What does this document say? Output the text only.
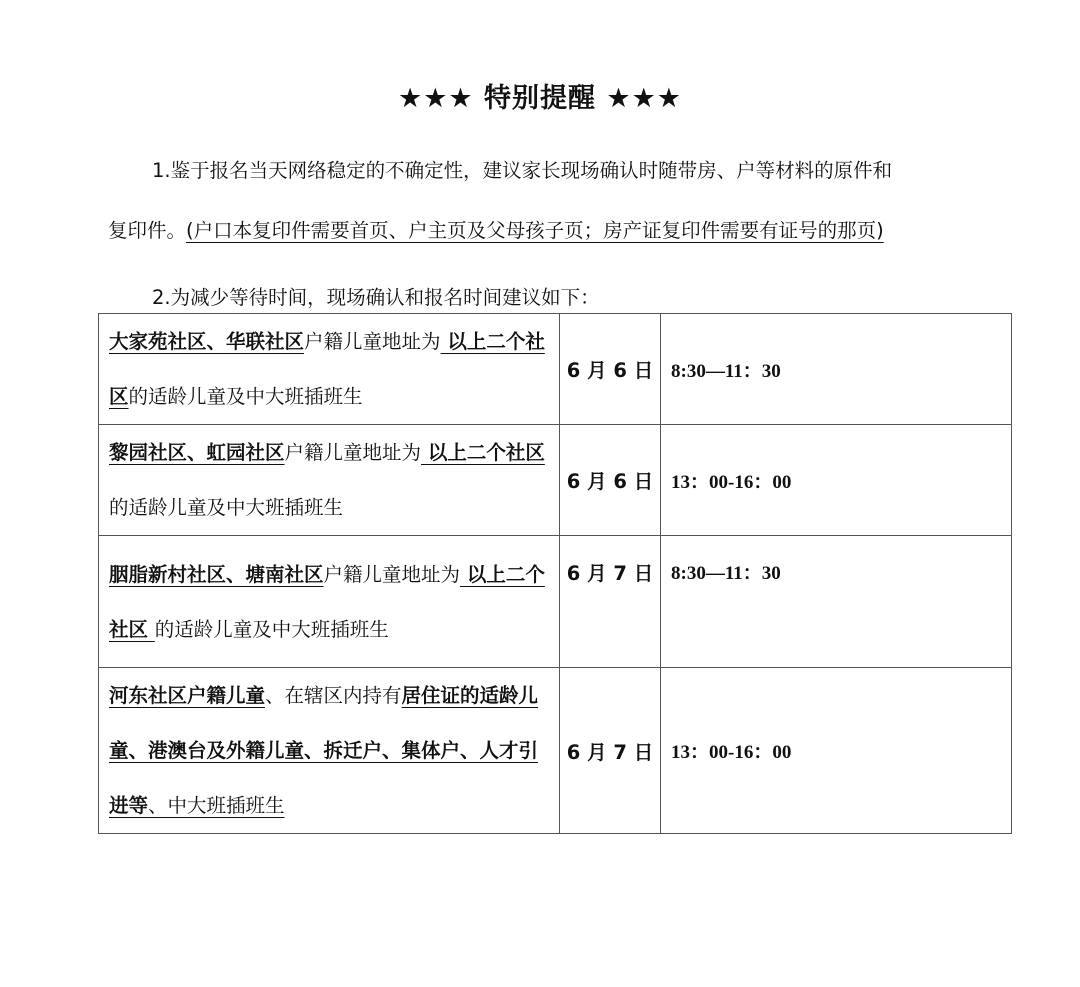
★★★ 特别提醒 ★★★
1.鉴于报名当天网络稳定的不确定性，建议家长现场确认时随带房、户等材料的原件和
复印件。(户口本复印件需要首页、户主页及父母孩子页；房产证复印件需要有证号的那页)
2.为减少等待时间，现场确认和报名时间建议如下：
大家苑社区、华联社区户籍儿童地址为 以上二个社区的适龄儿童及中大班插班生	6 月 6 日	8:30—11：30
黎园社区、虹园社区户籍儿童地址为 以上二个社区 的适龄儿童及中大班插班生	6 月 6 日	13：00-16：00
胭脂新村社区、塘南社区户籍儿童地址为 以上二个社区 的适龄儿童及中大班插班生	6 月 7 日	8:30—11：30
河东社区户籍儿童、在辖区内持有居住证的适龄儿童、港澳台及外籍儿童、拆迁户、集体户、人才引进等、中大班插班生	6 月 7 日	13：00-16：00
